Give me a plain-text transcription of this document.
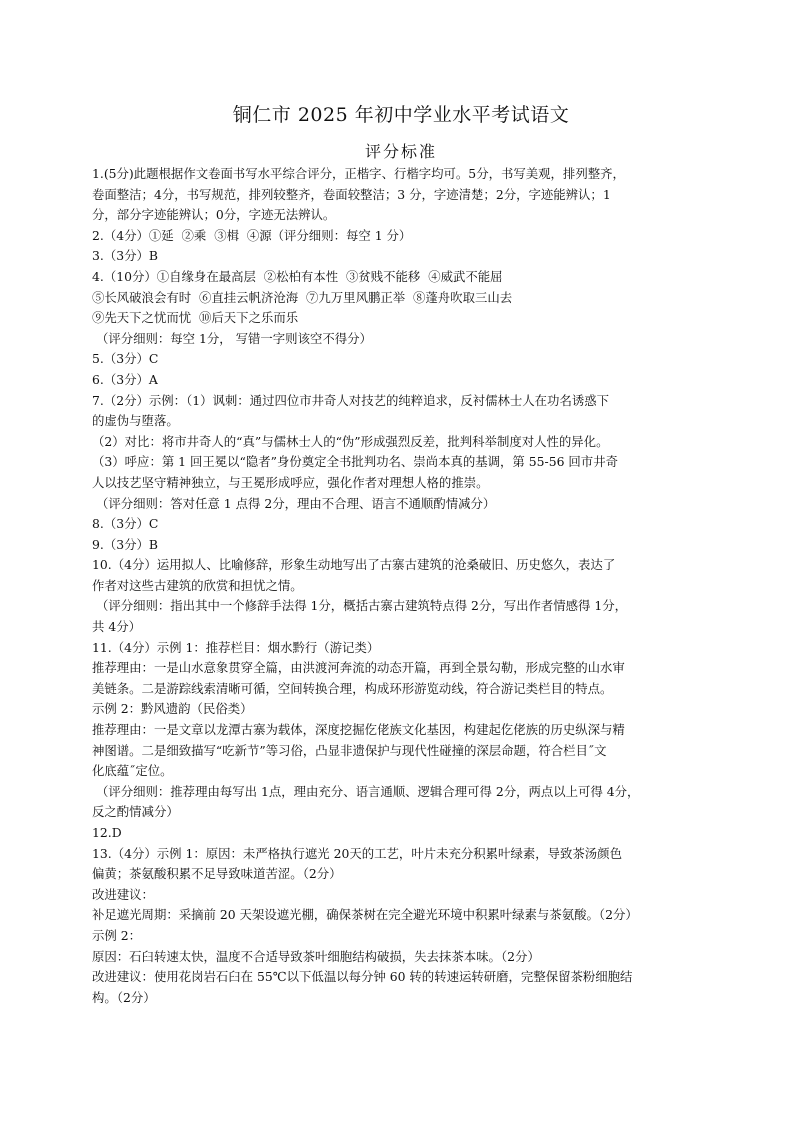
铜仁市 2025 年初中学业水平考试语文
评分标准
1.(5分)此题根据作文卷面书写水平综合评分，正楷字、行楷字均可。5分，书写美观，排列整齐，
卷面整洁；4分，书写规范，排列较整齐，卷面较整洁；3 分，字迹清楚；2分，字迹能辨认；1
分，部分字迹能辨认；0分，字迹无法辨认。
2.（4分）①延  ②乘  ③楫  ④源（评分细则：每空 1 分）
3.（3分）B
4.（10分）①自缘身在最高层  ②松柏有本性  ③贫贱不能移  ④威武不能屈
⑤长风破浪会有时  ⑥直挂云帆济沧海  ⑦九万里风鹏正举  ⑧蓬舟吹取三山去
⑨先天下之忧而忧  ⑩后天下之乐而乐
（评分细则：每空 1分， 写错一字则该空不得分）
5.（3分）C
6.（3分）A
7.（2分）示例：（1）讽刺：通过四位市井奇人对技艺的纯粹追求，反衬儒林士人在功名诱惑下
的虚伪与堕落。
（2）对比：将市井奇人的“真”与儒林士人的“伪”形成强烈反差，批判科举制度对人性的异化。
（3）呼应：第 1 回王冕以“隐者”身份奠定全书批判功名、崇尚本真的基调，第 55-56 回市井奇
人以技艺坚守精神独立，与王冕形成呼应，强化作者对理想人格的推崇。
（评分细则：答对任意 1 点得 2分，理由不合理、语言不通顺酌情减分）
8.（3分）C
9.（3分）B
10.（4分）运用拟人、比喻修辞，形象生动地写出了古寨古建筑的沧桑破旧、历史悠久，表达了
作者对这些古建筑的欣赏和担忧之情。
（评分细则：指出其中一个修辞手法得 1分，概括古寨古建筑特点得 2分，写出作者情感得 1分，
共 4分）
11.（4分）示例 1：推荐栏目：烟水黔行（游记类）
推荐理由：一是山水意象贯穿全篇，由洪渡河奔流的动态开篇，再到全景勾勒，形成完整的山水审
美链条。二是游踪线索清晰可循，空间转换合理，构成环形游览动线，符合游记类栏目的特点。
示例 2：黔风遗韵（民俗类）
推荐理由：一是文章以龙潭古寨为载体，深度挖掘仡佬族文化基因，构建起仡佬族的历史纵深与精
神图谱。二是细致描写“吃新节”等习俗，凸显非遗保护与现代性碰撞的深层命题，符合栏目˝文
化底蕴˝定位。
（评分细则：推荐理由每写出 1点，理由充分、语言通顺、逻辑合理可得 2分，两点以上可得 4分，
反之酌情减分）
12.D
13.（4分）示例 1：原因：未严格执行遮光 20天的工艺，叶片未充分积累叶绿素，导致茶汤颜色
偏黄；茶氨酸积累不足导致味道苦涩。（2分）
改进建议：
补足遮光周期：采摘前 20 天架设遮光棚，确保茶树在完全避光环境中积累叶绿素与茶氨酸。（2分）
示例 2：
原因：石臼转速太快，温度不合适导致茶叶细胞结构破损，失去抹茶本味。（2分）
改进建议：使用花岗岩石臼在 55℃以下低温以每分钟 60 转的转速运转研磨，完整保留茶粉细胞结
构。（2分）
